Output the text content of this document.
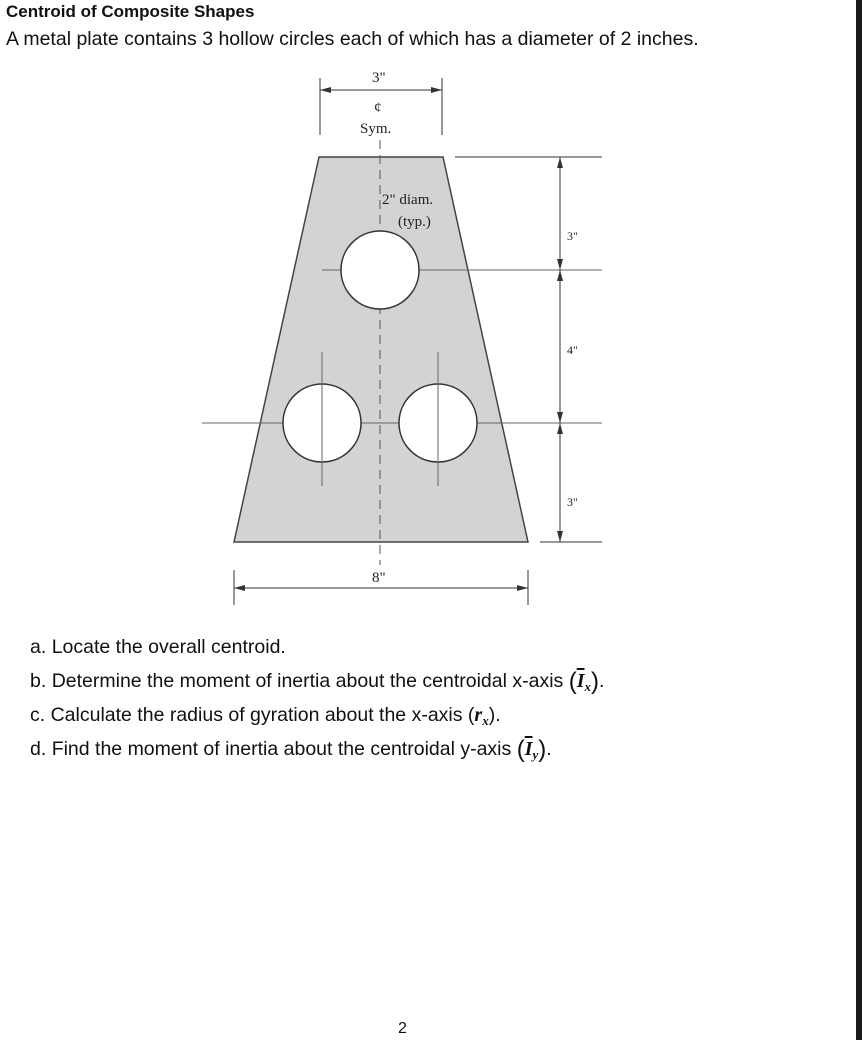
Centroid of Composite Shapes
A metal plate contains 3 hollow circles each of which has a diameter of 2 inches.
3"
¢
Sym.
2" diam.
(typ.)
3"
4"
3"
8"
a. Locate the overall centroid.
b. Determine the moment of inertia about the centroidal x-axis $(\overline{I}_x)$.
c. Calculate the radius of gyration about the x-axis $(r_x)$.
d. Find the moment of inertia about the centroidal y-axis $(\overline{I}_y)$.
2
